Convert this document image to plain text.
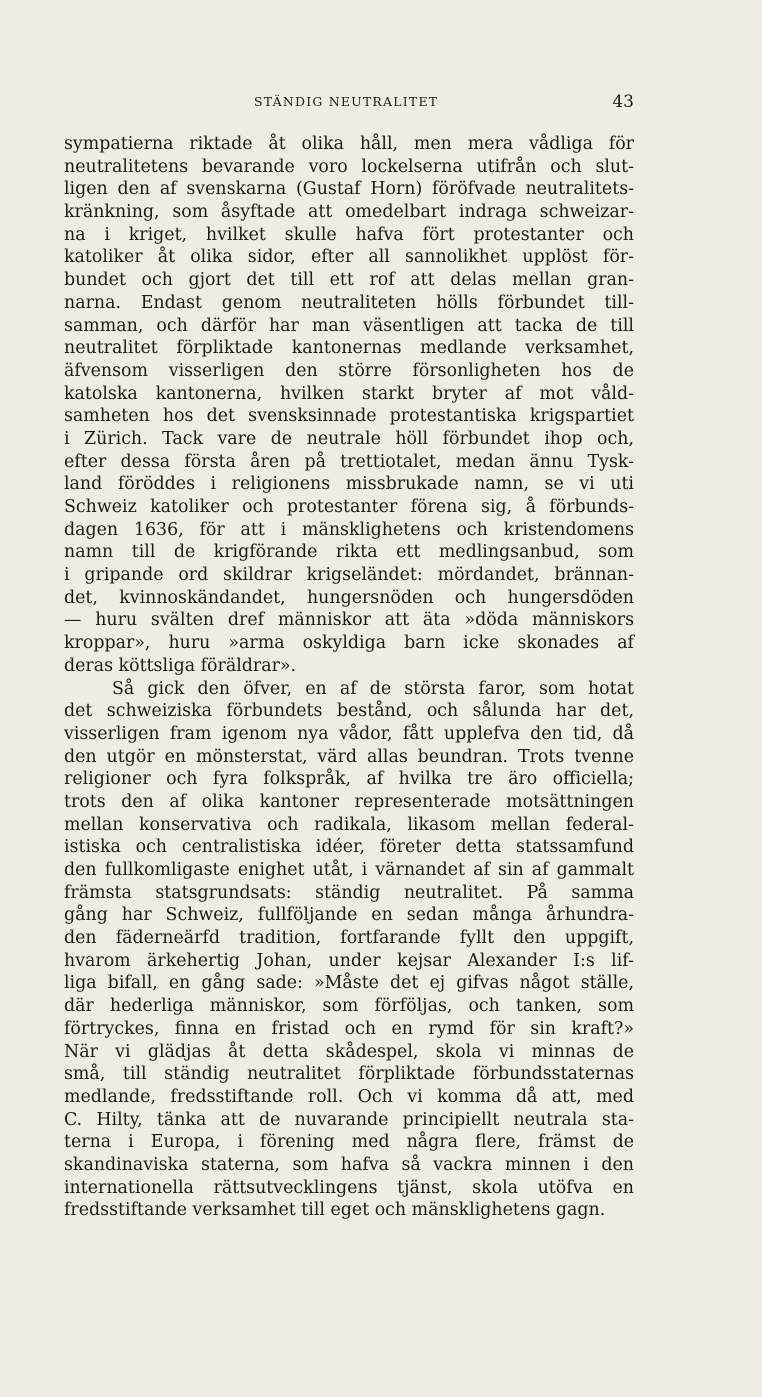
STÄNDIG NEUTRALITET	43
sympatierna riktade åt olika håll, men mera vådliga för
neutralitetens bevarande voro lockelserna utifrån och slut-
ligen den af svenskarna (Gustaf Horn) föröfvade neutralitets-
kränkning, som åsyftade att omedelbart indraga schweizar-
na i kriget, hvilket skulle hafva fört protestanter och
katoliker åt olika sidor, efter all sannolikhet upplöst för-
bundet och gjort det till ett rof att delas mellan gran-
narna. Endast genom neutraliteten hölls förbundet till-
samman, och därför har man väsentligen att tacka de till
neutralitet förpliktade kantonernas medlande verksamhet,
äfvensom visserligen den större försonligheten hos de
katolska kantonerna, hvilken starkt bryter af mot våld-
samheten hos det svensksinnade protestantiska krigspartiet
i Zürich. Tack vare de neutrale höll förbundet ihop och,
efter dessa första åren på trettiotalet, medan ännu Tysk-
land föröddes i religionens missbrukade namn, se vi uti
Schweiz katoliker och protestanter förena sig, å förbunds-
dagen 1636, för att i mänsklighetens och kristendomens
namn till de krigförande rikta ett medlingsanbud, som
i gripande ord skildrar krigseländet: mördandet, brännan-
det, kvinnoskändandet, hungersnöden och hungersdöden
— huru svälten dref människor att äta »döda människors
kroppar», huru »arma oskyldiga barn icke skonades af
deras köttsliga föräldrar».
Så gick den öfver, en af de största faror, som hotat
det schweiziska förbundets bestånd, och sålunda har det,
visserligen fram igenom nya vådor, fått upplefva den tid, då
den utgör en mönsterstat, värd allas beundran. Trots tvenne
religioner och fyra folkspråk, af hvilka tre äro officiella;
trots den af olika kantoner representerade motsättningen
mellan konservativa och radikala, likasom mellan federal-
istiska och centralistiska idéer, företer detta statssamfund
den fullkomligaste enighet utåt, i värnandet af sin af gammalt
främsta statsgrundsats: ständig neutralitet. På samma
gång har Schweiz, fullföljande en sedan många århundra-
den fäderneärfd tradition, fortfarande fyllt den uppgift,
hvarom ärkehertig Johan, under kejsar Alexander I:s lif-
liga bifall, en gång sade: »Måste det ej gifvas något ställe,
där hederliga människor, som förföljas, och tanken, som
förtryckes, finna en fristad och en rymd för sin kraft?»
När vi glädjas åt detta skådespel, skola vi minnas de
små, till ständig neutralitet förpliktade förbundsstaternas
medlande, fredsstiftande roll. Och vi komma då att, med
C. Hilty, tänka att de nuvarande principiellt neutrala sta-
terna i Europa, i förening med några flere, främst de
skandinaviska staterna, som hafva så vackra minnen i den
internationella rättsutvecklingens tjänst, skola utöfva en
fredsstiftande verksamhet till eget och mänsklighetens gagn.
